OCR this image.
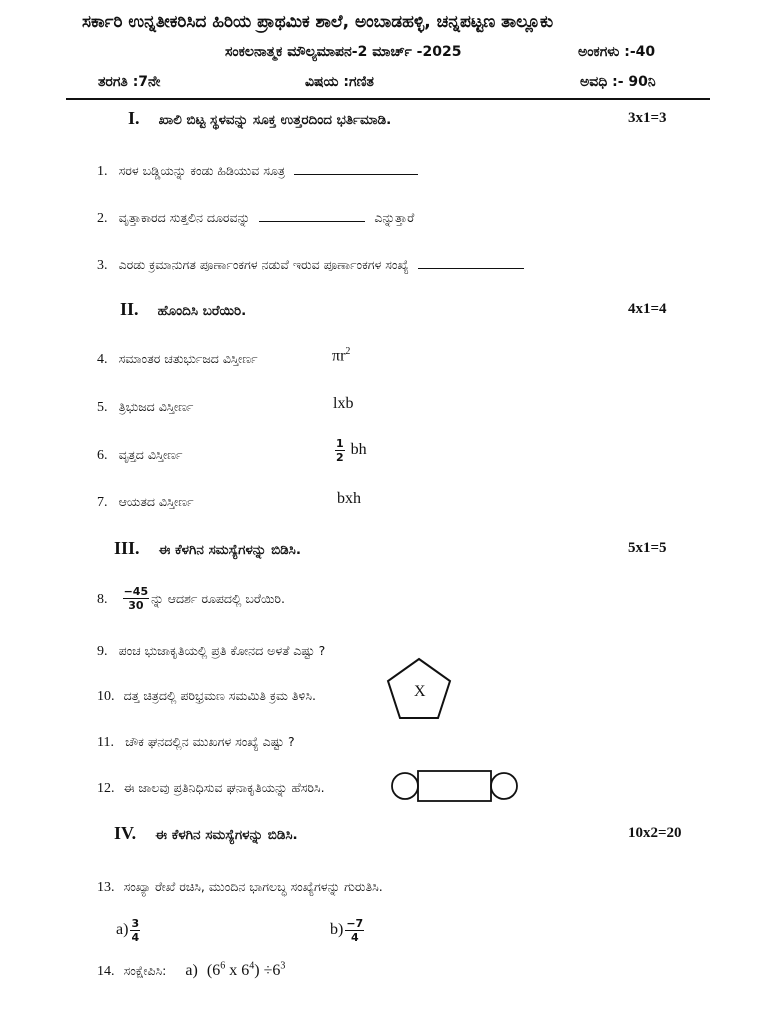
ಸರ್ಕಾರಿ ಉನ್ನತೀಕರಿಸಿದ ಹಿರಿಯ ಪ್ರಾಥಮಿಕ ಶಾಲೆ, ಅಂಬಾಡಹಳ್ಳಿ, ಚನ್ನಪಟ್ಟಣ ತಾಲ್ಲೂಕು
ಸಂಕಲನಾತ್ಮಕ ಮೌಲ್ಯಮಾಪನ-2 ಮಾರ್ಚ್ -2025	ಅಂಕಗಳು :-40
ತರಗತಿ :7ನೇ	ವಿಷಯ :ಗಣಿತ	ಅವಧಿ :- 90ನಿ
I. ಖಾಲಿ ಬಿಟ್ಟ ಸ್ಥಳವನ್ನು ಸೂಕ್ತ ಉತ್ತರದಿಂದ ಭರ್ತಿಮಾಡಿ.	3x1=3
1. ಸರಳ ಬಡ್ಡಿಯನ್ನು ಕಂಡು ಹಿಡಿಯುವ ಸೂತ್ರ
2. ವೃತ್ತಾಕಾರದ ಸುತ್ತಲಿನ ದೂರವನ್ನು	ಎನ್ನುತ್ತಾರೆ
3. ಎರಡು ಕ್ರಮಾನುಗತ ಪೂರ್ಣಾಂಕಗಳ ನಡುವೆ ಇರುವ ಪೂರ್ಣಾಂಕಗಳ ಸಂಖ್ಯೆ
II. ಹೊಂದಿಸಿ ಬರೆಯಿರಿ.	4x1=4
4. ಸಮಾಂತರ ಚತುರ್ಭುಜದ ವಿಸ್ತೀರ್ಣ	$\pi r^2$
5. ತ್ರಿಭುಜದ ವಿಸ್ತೀರ್ಣ	lxb
6. ವೃತ್ತದ ವಿಸ್ತೀರ್ಣ	$\frac{1}{2}$ bh
7. ಆಯತದ ವಿಸ್ತೀರ್ಣ	bxh
III. ಈ ಕೆಳಗಿನ ಸಮಸ್ಯೆಗಳನ್ನು ಬಿಡಿಸಿ.	5x1=5
8. $\frac{-45}{30}$ ನ್ನು ಆದರ್ಶ ರೂಪದಲ್ಲಿ ಬರೆಯಿರಿ.
9. ಪಂಚ ಭುಜಾಕೃತಿಯಲ್ಲಿ ಪ್ರತಿ ಕೋನದ ಅಳತೆ ಎಷ್ಟು ?
10. ದತ್ತ ಚಿತ್ರದಲ್ಲಿ ಪರಿಭ್ರಮಣ ಸಮಮಿತಿ ಕ್ರಮ ತಿಳಿಸಿ.	X
11. ಚೌಕ ಘನದಲ್ಲಿನ ಮುಖಗಳ ಸಂಖ್ಯೆ ಎಷ್ಟು ?
12. ಈ ಜಾಲವು ಪ್ರತಿನಿಧಿಸುವ ಘನಾಕೃತಿಯನ್ನು ಹೆಸರಿಸಿ.
IV. ಈ ಕೆಳಗಿನ ಸಮಸ್ಯೆಗಳನ್ನು ಬಿಡಿಸಿ.	10x2=20
13. ಸಂಖ್ಯಾ ರೇಖೆ ರಚಿಸಿ, ಮುಂದಿನ ಭಾಗಲಬ್ಧ ಸಂಖ್ಯೆಗಳನ್ನು ಗುರುತಿಸಿ.
$a) \frac{3}{4}$	$b) \frac{-7}{4}$
14. ಸಂಕ್ಷೇಪಿಸಿ: a) ($6^6$ x $6^4) \div 6^3$
